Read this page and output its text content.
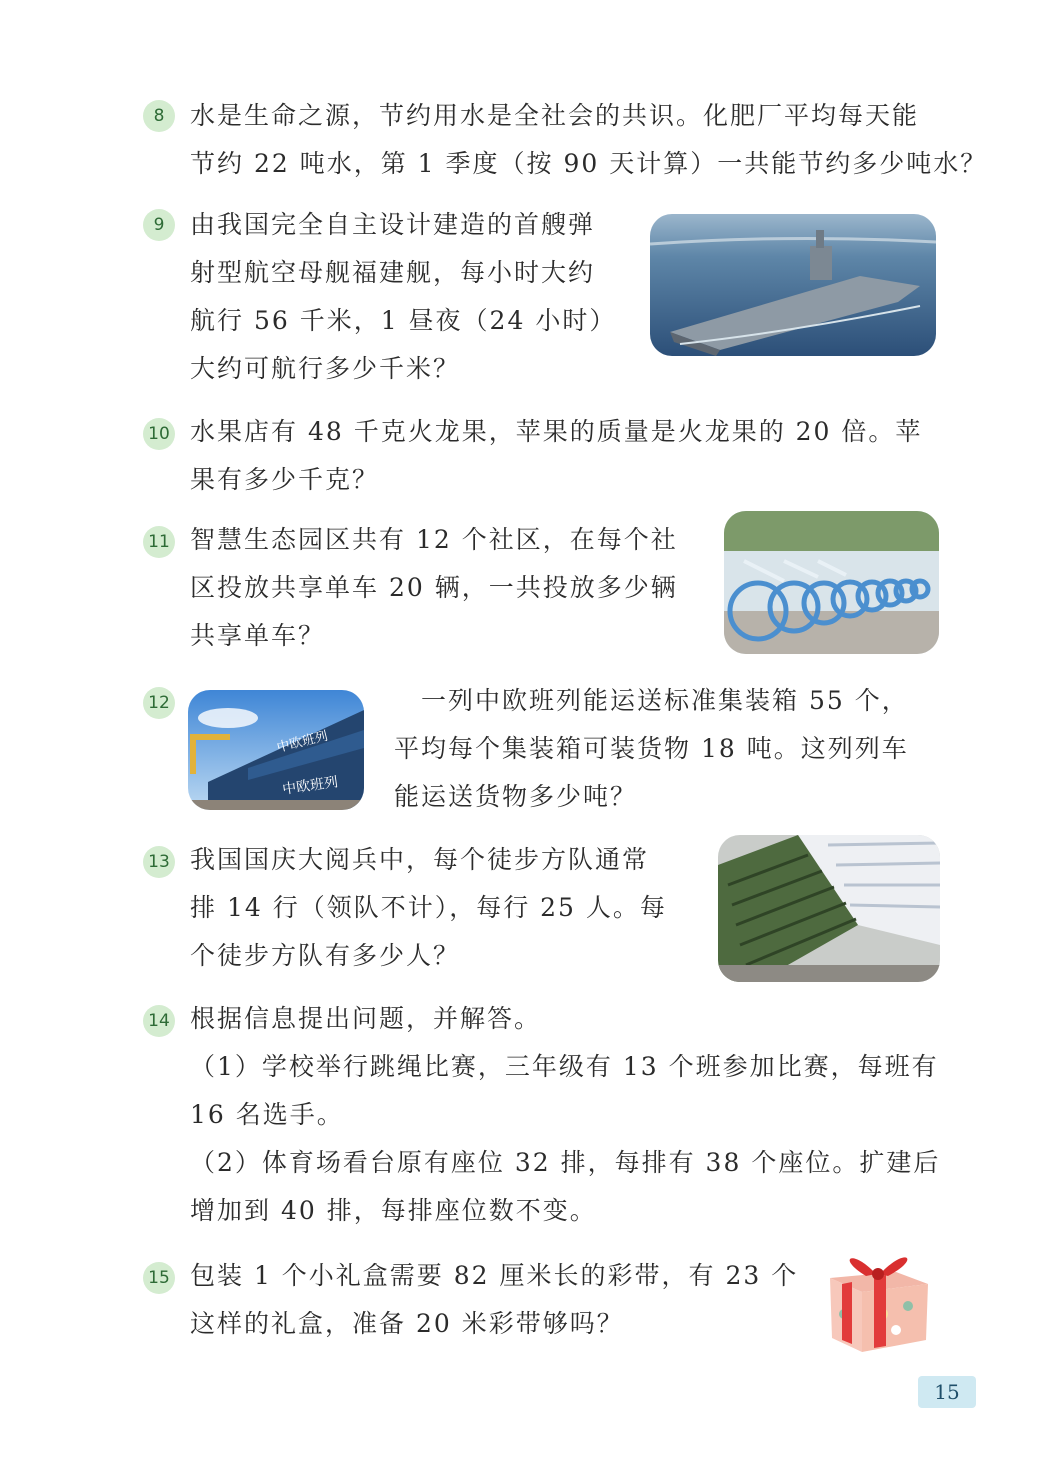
8	水是生命之源，节约用水是全社会的共识。化肥厂平均每天能
节约 22 吨水，第 1 季度（按 90 天计算）一共能节约多少吨水？
9	由我国完全自主设计建造的首艘弹
射型航空母舰福建舰，每小时大约
航行 56 千米，1 昼夜（24 小时）
大约可航行多少千米？
10 水果店有 48 千克火龙果，苹果的质量是火龙果的 20 倍。苹
果有多少千克？
11 智慧生态园区共有 12 个社区，在每个社
区投放共享单车 20 辆，一共投放多少辆
共享单车？
12
中欧班列
中欧班列
　一列中欧班列能运送标准集装箱 55 个，
平均每个集装箱可装货物 18 吨。这列列车
能运送货物多少吨？
13 我国国庆大阅兵中，每个徒步方队通常
排 14 行（领队不计），每行 25 人。每
个徒步方队有多少人？
14 根据信息提出问题，并解答。
（1）学校举行跳绳比赛，三年级有 13 个班参加比赛，每班有
16 名选手。
（2）体育场看台原有座位 32 排，每排有 38 个座位。扩建后
增加到 40 排，每排座位数不变。
15 包装 1 个小礼盒需要 82 厘米长的彩带，有 23 个
这样的礼盒，准备 20 米彩带够吗？
15
